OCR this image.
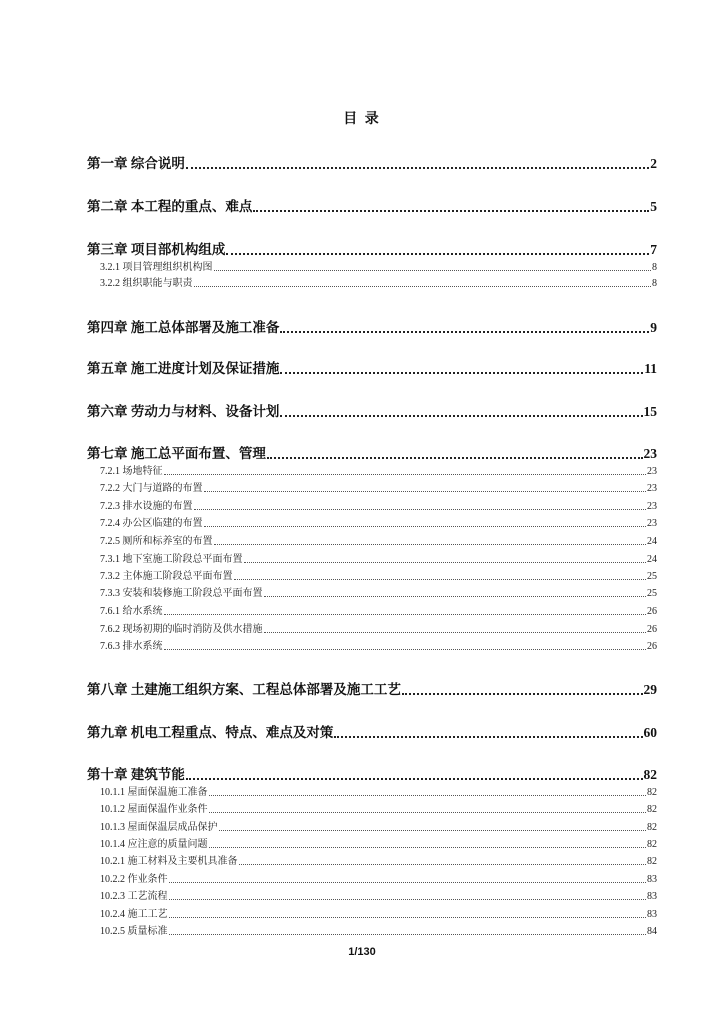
目 录
第一章 综合说明	2
第二章 本工程的重点、难点	5
第三章 项目部机构组成	7
3.2.1 项目管理组织机构图	8
3.2.2 组织职能与职责	8
第四章 施工总体部署及施工准备	9
第五章 施工进度计划及保证措施	11
第六章 劳动力与材料、设备计划	15
第七章 施工总平面布置、管理	23
7.2.1 场地特征	23
7.2.2 大门与道路的布置	23
7.2.3 排水设施的布置	23
7.2.4 办公区临建的布置	23
7.2.5 厕所和标养室的布置	24
7.3.1 地下室施工阶段总平面布置	24
7.3.2 主体施工阶段总平面布置	25
7.3.3 安装和装修施工阶段总平面布置	25
7.6.1 给水系统	26
7.6.2 现场初期的临时消防及供水措施	26
7.6.3 排水系统	26
第八章 土建施工组织方案、工程总体部署及施工工艺	29
第九章 机电工程重点、特点、难点及对策	60
第十章 建筑节能	82
10.1.1 屋面保温施工准备	82
10.1.2 屋面保温作业条件	82
10.1.3 屋面保温层成品保护	82
10.1.4 应注意的质量问题	82
10.2.1 施工材料及主要机具准备	82
10.2.2 作业条件	83
10.2.3 工艺流程	83
10.2.4 施工工艺	83
10.2.5 质量标准	84
1/130
